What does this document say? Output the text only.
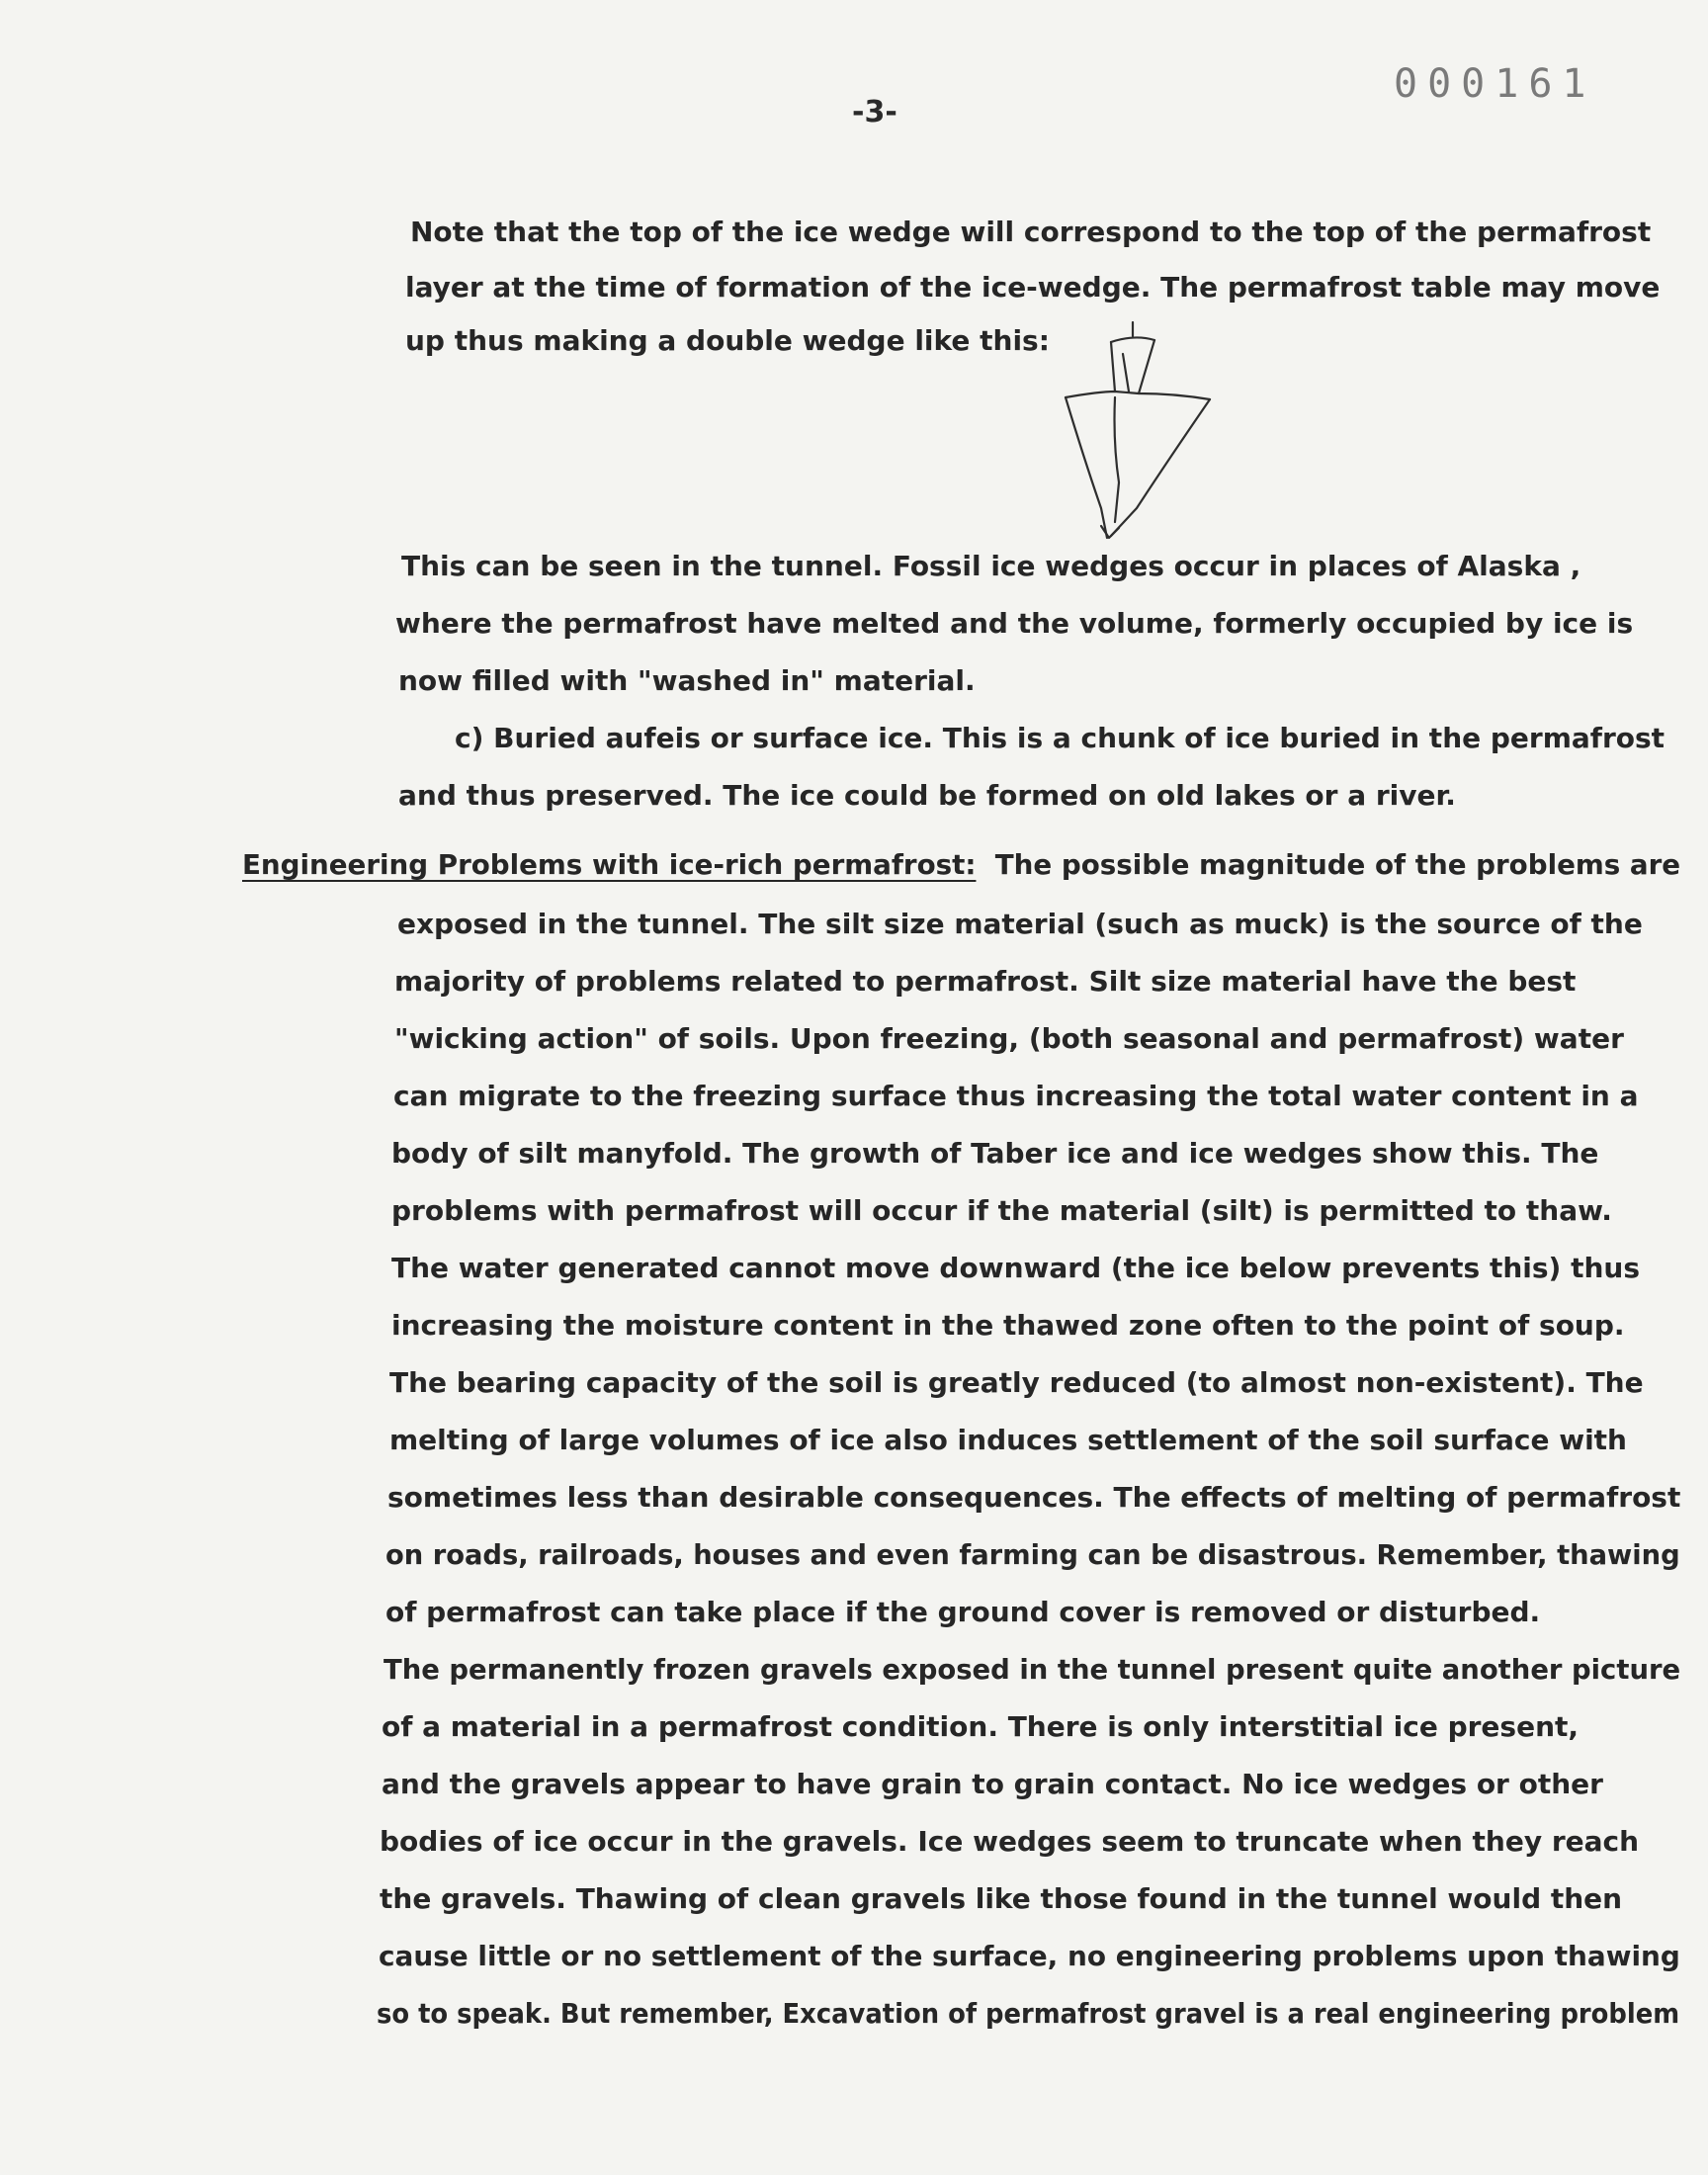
000161
-3-
Note that the top of the ice wedge will correspond to the top of the permafrost
layer at the time of formation of the ice-wedge. The permafrost table may move
up thus making a double wedge like this:
This can be seen in the tunnel. Fossil ice wedges occur in places of Alaska ,
where the permafrost have melted and the volume, formerly occupied by ice is
now filled with "washed in" material.
c) Buried aufeis or surface ice. This is a chunk of ice buried in the permafrost
and thus preserved. The ice could be formed on old lakes or a river.
Engineering Problems with ice-rich permafrost: The possible magnitude of the problems are
exposed in the tunnel. The silt size material (such as muck) is the source of the
majority of problems related to permafrost. Silt size material have the best
"wicking action" of soils. Upon freezing, (both seasonal and permafrost) water
can migrate to the freezing surface thus increasing the total water content in a
body of silt manyfold. The growth of Taber ice and ice wedges show this. The
problems with permafrost will occur if the material (silt) is permitted to thaw.
The water generated cannot move downward (the ice below prevents this) thus
increasing the moisture content in the thawed zone often to the point of soup.
The bearing capacity of the soil is greatly reduced (to almost non-existent). The
melting of large volumes of ice also induces settlement of the soil surface with
sometimes less than desirable consequences. The effects of melting of permafrost
on roads, railroads, houses and even farming can be disastrous. Remember, thawing
of permafrost can take place if the ground cover is removed or disturbed.
The permanently frozen gravels exposed in the tunnel present quite another picture
of a material in a permafrost condition. There is only interstitial ice present,
and the gravels appear to have grain to grain contact. No ice wedges or other
bodies of ice occur in the gravels. Ice wedges seem to truncate when they reach
the gravels. Thawing of clean gravels like those found in the tunnel would then
cause little or no settlement of the surface, no engineering problems upon thawing
so to speak. But remember, Excavation of permafrost gravel is a real engineering problem
